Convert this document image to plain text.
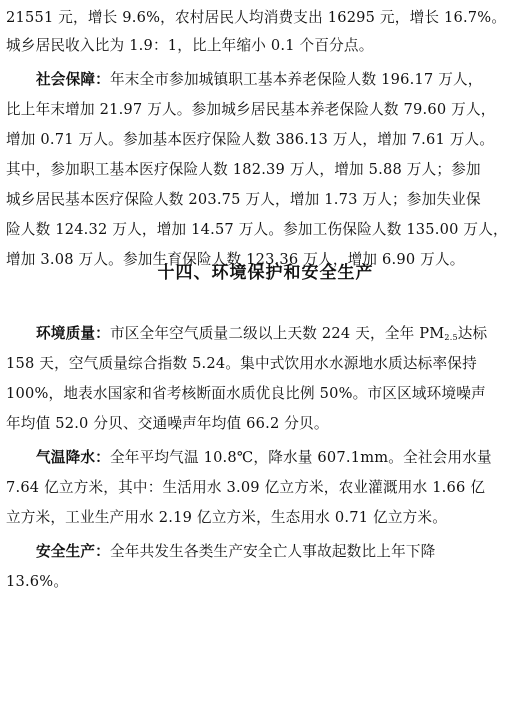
21551 元，增长 9.6%，农村居民人均消费支出 16295 元，增长 16.7%。
城乡居民收入比为 1.9：1，比上年缩小 0.1 个百分点。
社会保障：年末全市参加城镇职工基本养老保险人数 196.17 万人，
比上年末增加 21.97 万人。参加城乡居民基本养老保险人数 79.60 万人，
增加 0.71 万人。参加基本医疗保险人数 386.13 万人，增加 7.61 万人。
其中，参加职工基本医疗保险人数 182.39 万人，增加 5.88 万人；参加
城乡居民基本医疗保险人数 203.75 万人，增加 1.73 万人；参加失业保
险人数 124.32 万人，增加 14.57 万人。参加工伤保险人数 135.00 万人，
增加 3.08 万人。参加生育保险人数 123.36 万人，增加 6.90 万人。
十四、环境保护和安全生产
环境质量：市区全年空气质量二级以上天数 224 天，全年 $PM_{2.5}$达标
158 天，空气质量综合指数 5.24。集中式饮用水水源地水质达标率保持
100%，地表水国家和省考核断面水质优良比例 50%。市区区域环境噪声
年均值 52.0 分贝、交通噪声年均值 66.2 分贝。
气温降水：全年平均气温 10.8℃，降水量 607.1mm。全社会用水量
7.64 亿立方米，其中：生活用水 3.09 亿立方米，农业灌溉用水 1.66 亿
立方米，工业生产用水 2.19 亿立方米，生态用水 0.71 亿立方米。
安全生产：全年共发生各类生产安全亡人事故起数比上年下降
13.6%。
